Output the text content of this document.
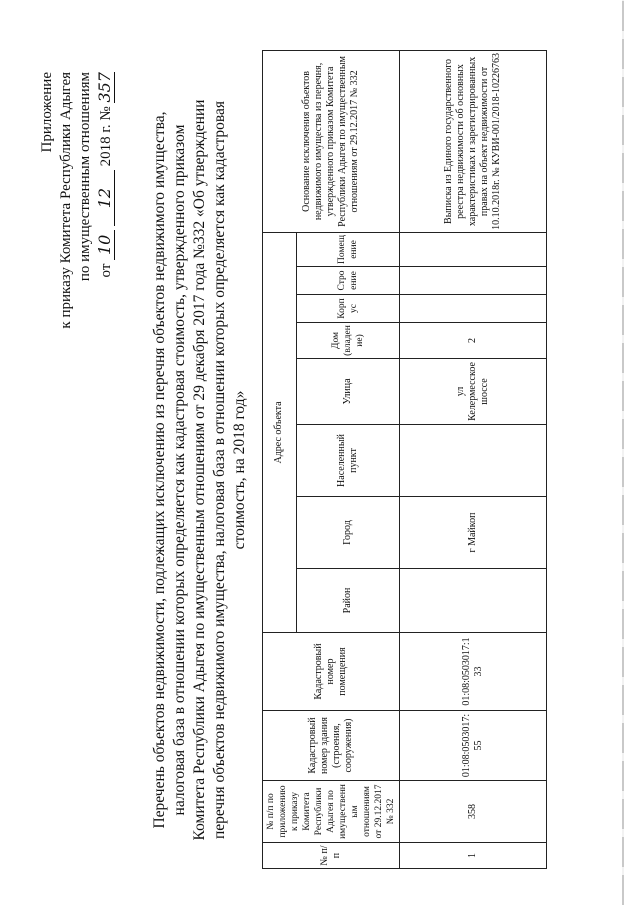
Приложение к приказу Комитета Республики Адыгея по имущественным отношениям от 10 12 2018 г. № 357
Перечень объектов недвижимости, подлежащих исключению из перечня объектов недвижимого имущества, налоговая база в отношении которых определяется как кадастровая стоимость, утвержденного приказом Комитета Республики Адыгея по имущественным отношениям от 29 декабря 2017 года №332 «Об утверждении перечня объектов недвижимого имущества, налоговая база в отношении которых определяется как кадастровая стоимость, на 2018 год»
№ п/п	№ п/п по приложению к приказу Комитета Республики Адыгея по имущественным отношениям от 29.12.2017 № 332	Кадастровый номер здания (строения, сооружения)	Кадастровый номер помещения	Адрес объекта								Основание исключения объектов недвижимого имущества из перечня, утвержденного приказом Комитета Республики Адыгея по имущественным отношениям от 29.12.2017 № 332
				Район	Город	Населенный пункт	Улица	Дом (владение)	Корпус	Строение	Помещение	
1	358	01:08:0503017:55	01:08:0503017:133		г Майкоп		ул Келермесское шоссе	2				Выписка из Единого государственного реестра недвижимости об основных характеристиках и зарегистрированных правах на объект недвижимости от 10.10.2018г. № КУВИ-001/2018-10226763
